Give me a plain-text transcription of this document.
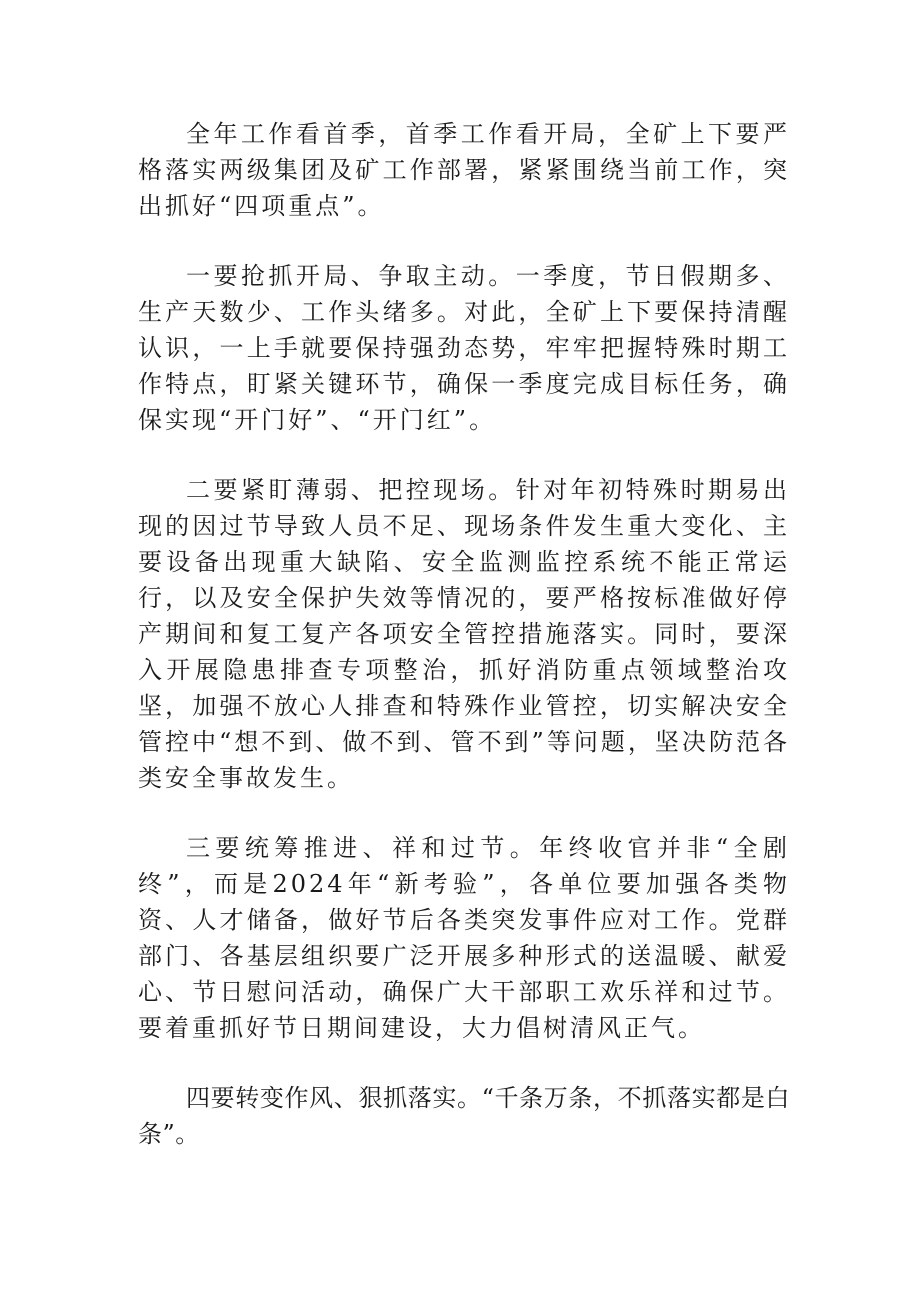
全年工作看首季，首季工作看开局，全矿上下要严格落实两级集团及矿工作部署，紧紧围绕当前工作，突出抓好“四项重点”。

一要抢抓开局、争取主动。一季度，节日假期多、生产天数少、工作头绪多。对此，全矿上下要保持清醒认识，一上手就要保持强劲态势，牢牢把握特殊时期工作特点，盯紧关键环节，确保一季度完成目标任务，确保实现“开门好”、“开门红”。

二要紧盯薄弱、把控现场。针对年初特殊时期易出现的因过节导致人员不足、现场条件发生重大变化、主要设备出现重大缺陷、安全监测监控系统不能正常运行，以及安全保护失效等情况的，要严格按标准做好停产期间和复工复产各项安全管控措施落实。同时，要深入开展隐患排查专项整治，抓好消防重点领域整治攻坚，加强不放心人排查和特殊作业管控，切实解决安全管控中“想不到、做不到、管不到”等问题，坚决防范各类安全事故发生。

三要统筹推进、祥和过节。年终收官并非“全剧终”，而是2024年“新考验”，各单位要加强各类物资、人才储备，做好节后各类突发事件应对工作。党群部门、各基层组织要广泛开展多种形式的送温暖、献爱心、节日慰问活动，确保广大干部职工欢乐祥和过节。要着重抓好节日期间建设，大力倡树清风正气。

四要转变作风、狠抓落实。“千条万条，不抓落实都是白条”。
